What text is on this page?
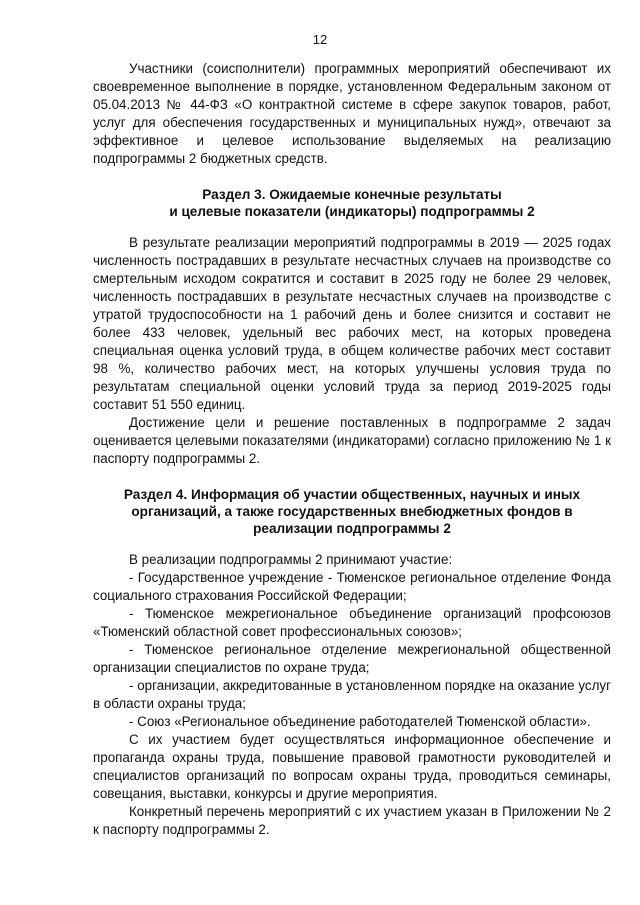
12

Участники (соисполнители) программных мероприятий обеспечивают их своевременное выполнение в порядке, установленном Федеральным законом от 05.04.2013 № 44-ФЗ «О контрактной системе в сфере закупок товаров, работ, услуг для обеспечения государственных и муниципальных нужд», отвечают за эффективное и целевое использование выделяемых на реализацию подпрограммы 2 бюджетных средств.

Раздел 3. Ожидаемые конечные результаты

и целевые показатели (индикаторы) подпрограммы 2

В результате реализации мероприятий подпрограммы в 2019 — 2025 годах численность пострадавших в результате несчастных случаев на производстве со смертельным исходом сократится и составит в 2025 году не более 29 человек, численность пострадавших в результате несчастных случаев на производстве с утратой трудоспособности на 1 рабочий день и более снизится и составит не более 433 человек, удельный вес рабочих мест, на которых проведена специальная оценка условий труда, в общем количестве рабочих мест составит 98 %, количество рабочих мест, на которых улучшены условия труда по результатам специальной оценки условий труда за период 2019-2025 годы составит 51 550 единиц.

Достижение цели и решение поставленных в подпрограмме 2 задач оценивается целевыми показателями (индикаторами) согласно приложению № 1 к паспорту подпрограммы 2.

Раздел 4. Информация об участии общественных, научных и иных

организаций, а также государственных внебюджетных фондов в

реализации подпрограммы 2

В реализации подпрограммы 2 принимают участие:

- Государственное учреждение - Тюменское региональное отделение Фонда социального страхования Российской Федерации;

- Тюменское межрегиональное объединение организаций профсоюзов «Тюменский областной совет профессиональных союзов»;

- Тюменское региональное отделение межрегиональной общественной организации специалистов по охране труда;

- организации, аккредитованные в установленном порядке на оказание услуг в области охраны труда;

- Союз «Региональное объединение работодателей Тюменской области».

С их участием будет осуществляться информационное обеспечение и пропаганда охраны труда, повышение правовой грамотности руководителей и специалистов организаций по вопросам охраны труда, проводиться семинары, совещания, выставки, конкурсы и другие мероприятия.

Конкретный перечень мероприятий с их участием указан в Приложении № 2 к паспорту подпрограммы 2.
